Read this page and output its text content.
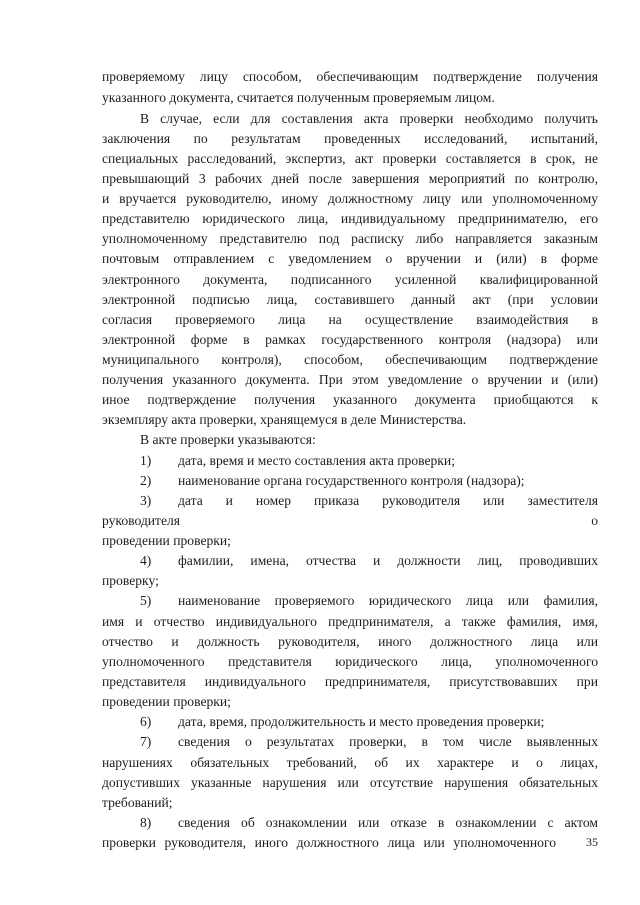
проверяемому лицу способом, обеспечивающим подтверждение получения
указанного документа, считается полученным проверяемым лицом.
В случае, если для составления акта проверки необходимо получить
заключения по результатам проведенных исследований, испытаний,
специальных расследований, экспертиз, акт проверки составляется в срок, не
превышающий 3 рабочих дней после завершения мероприятий по контролю,
и вручается руководителю, иному должностному лицу или уполномоченному
представителю юридического лица, индивидуальному предпринимателю, его
уполномоченному представителю под расписку либо направляется заказным
почтовым отправлением с уведомлением о вручении и (или) в форме
электронного документа, подписанного усиленной квалифицированной
электронной подписью лица, составившего данный акт (при условии
согласия проверяемого лица на осуществление взаимодействия в
электронной форме в рамках государственного контроля (надзора) или
муниципального контроля), способом, обеспечивающим подтверждение
получения указанного документа. При этом уведомление о вручении и (или)
иное подтверждение получения указанного документа приобщаются к
экземпляру акта проверки, хранящемуся в деле Министерства.
В акте проверки указываются:
1)	дата, время и место составления акта проверки;
2)	наименование органа государственного контроля (надзора);
3)	дата и номер приказа руководителя или заместителя
руководителя	о
проведении проверки;
4)	фамилии, имена, отчества и должности лиц, проводивших
проверку;
5)	наименование проверяемого юридического лица или фамилия,
имя и отчество индивидуального предпринимателя, а также фамилия, имя,
отчество и должность руководителя, иного должностного лица или
уполномоченного представителя юридического лица, уполномоченного
представителя индивидуального предпринимателя, присутствовавших при
проведении проверки;
6)	дата, время, продолжительность и место проведения проверки;
7)	сведения о результатах проверки, в том числе выявленных
нарушениях обязательных требований, об их характере и о лицах,
допустивших указанные нарушения или отсутствие нарушения обязательных
требований;
8)	сведения об ознакомлении или отказе в ознакомлении с актом
проверки руководителя, иного должностного лица или уполномоченного	35
